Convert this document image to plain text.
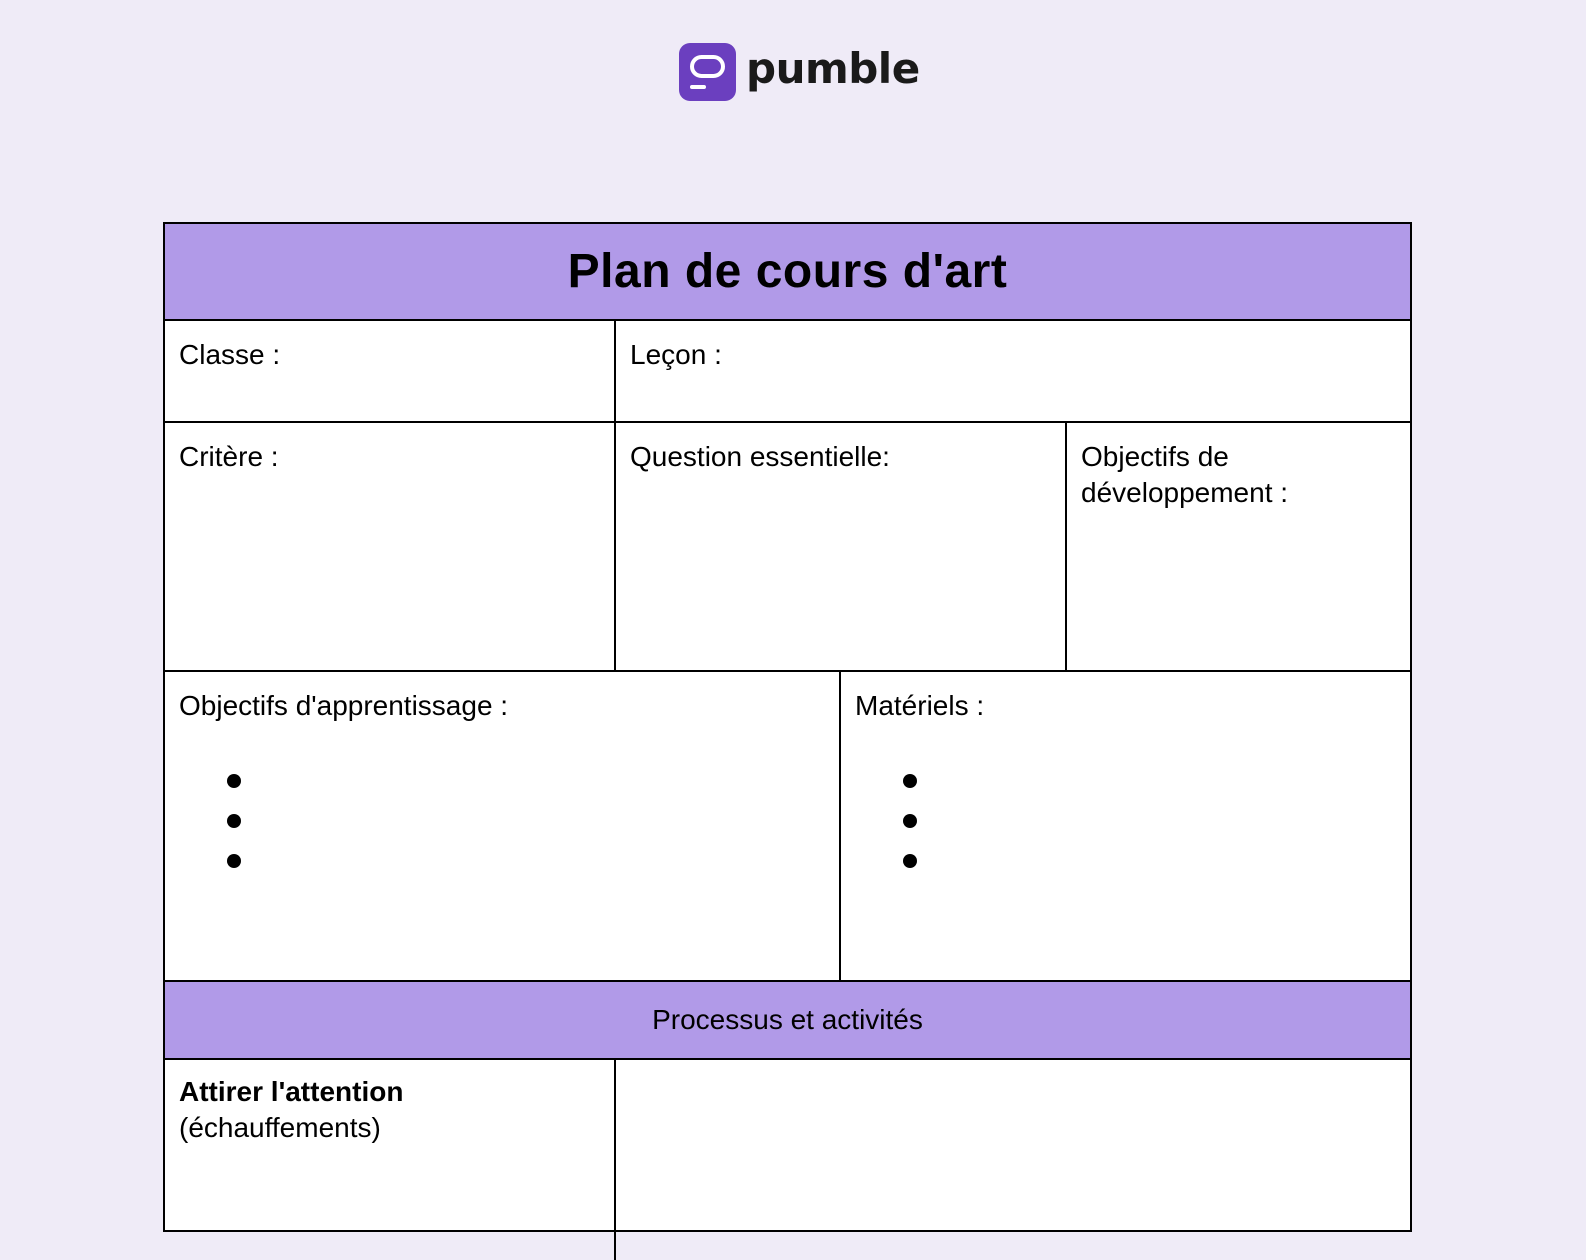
pumble
Plan de cours d'art
Classe :	Leçon :
Critère :	Question essentielle:	Objectifs de développement :
Objectifs d'apprentissage :	Matériels :
Processus et activités
Attirer l'attention
(échauffements)
